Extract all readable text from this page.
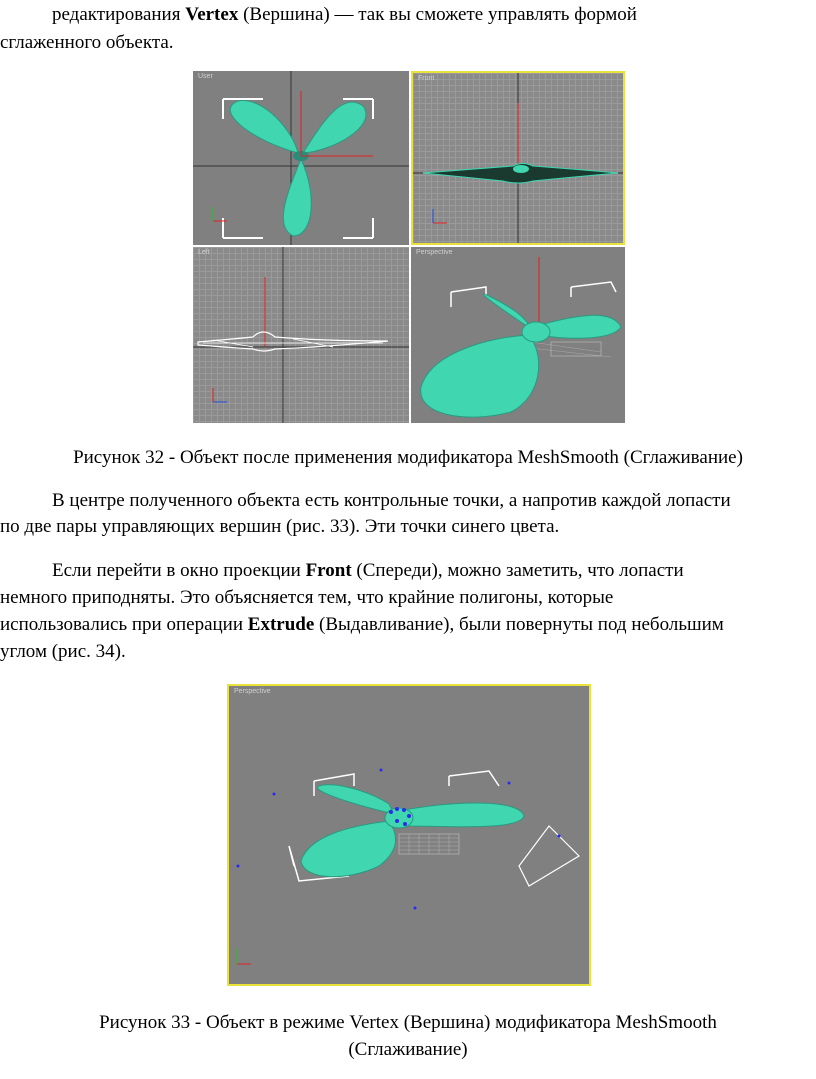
редактирования Vertex (Вершина) — так вы сможете управлять формой

сглаженного объекта.

User	Front
Left	Perspective

Рисунок 32 - Объект после применения модификатора MeshSmooth (Сглаживание)

В центре полученного объекта есть контрольные точки, а напротив каждой лопасти

по две пары управляющих вершин (рис. 33). Эти точки синего цвета.

Если перейти в окно проекции Front (Спереди), можно заметить, что лопасти

немного приподняты. Это объясняется тем, что крайние полигоны, которые

использовались при операции Extrude (Выдавливание), были повернуты под небольшим

углом (рис. 34).

Perspective

Рисунок 33 - Объект в режиме Vertex (Вершина) модификатора MeshSmooth

(Сглаживание)
